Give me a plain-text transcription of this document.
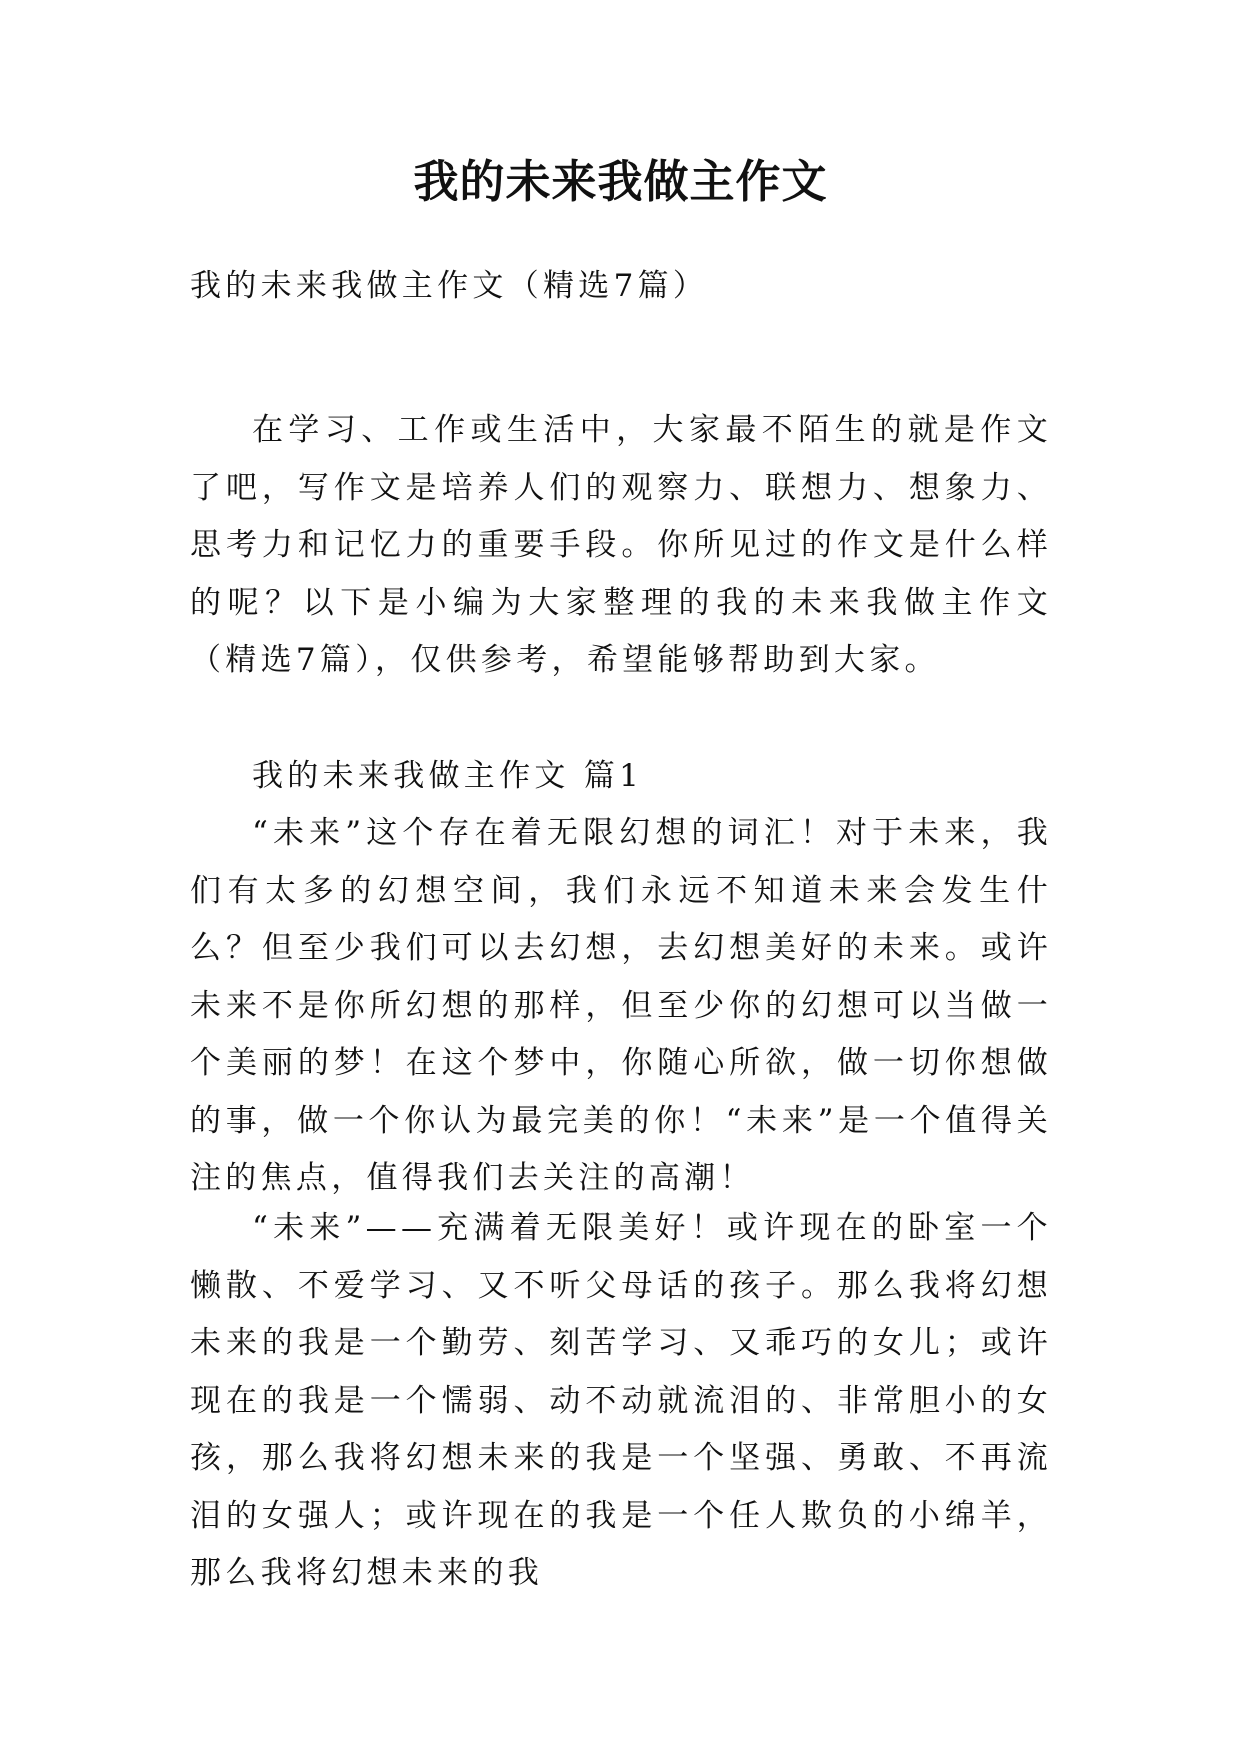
我的未来我做主作文

我的未来我做主作文（精选7篇）

在学习、工作或生活中，大家最不陌生的就是作文了吧，写作文是培养人们的观察力、联想力、想象力、思考力和记忆力的重要手段。你所见过的作文是什么样的呢？以下是小编为大家整理的我的未来我做主作文（精选7篇），仅供参考，希望能够帮助到大家。

我的未来我做主作文 篇1

“未来”这个存在着无限幻想的词汇！对于未来，我们有太多的幻想空间，我们永远不知道未来会发生什么？但至少我们可以去幻想，去幻想美好的未来。或许未来不是你所幻想的那样，但至少你的幻想可以当做一个美丽的梦！在这个梦中，你随心所欲，做一切你想做的事，做一个你认为最完美的你！“未来”是一个值得关注的焦点，值得我们去关注的高潮！

“未来”——充满着无限美好！或许现在的卧室一个懒散、不爱学习、又不听父母话的孩子。那么我将幻想未来的我是一个勤劳、刻苦学习、又乖巧的女儿；或许现在的我是一个懦弱、动不动就流泪的、非常胆小的女孩，那么我将幻想未来的我是一个坚强、勇敢、不再流泪的女强人；或许现在的我是一个任人欺负的小绵羊，那么我将幻想未来的我
